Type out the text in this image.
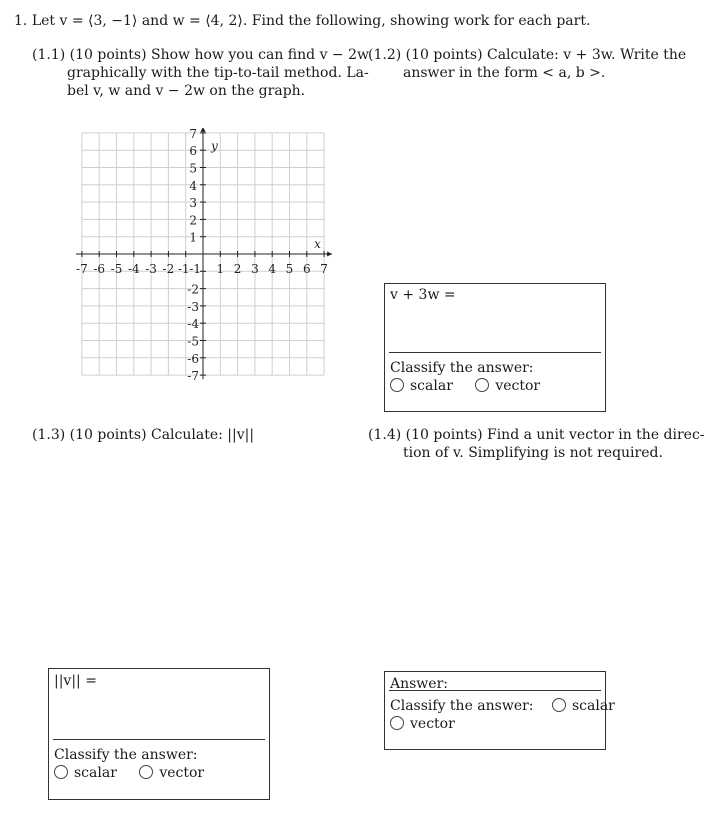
1. Let v = ⟨3, −1⟩ and w = ⟨4, 2⟩. Find the following, showing work for each part.
(1.1) (10 points) Show how you can find v − 2w
graphically with the tip-to-tail method. La-
bel v, w and v − 2w on the graph.
(1.2) (10 points) Calculate: v + 3w. Write the
answer in the form < a, b >.
-7 -6 -5 -4 -3 -2 -1 1 2 3 4 5 6 7
1
2
3
4
5
6
7
-1
-2
-3
-4
-5
-6
-7
x
y
v + 3w =
Classify the answer:
scalar	vector
(1.3) (10 points) Calculate: ||v||	(1.4) (10 points) Find a unit vector in the direc-
tion of v. Simplifying is not required.
||v|| =
Classify the answer:
scalar	vector
Answer:
Classify the answer:	scalar
vector
